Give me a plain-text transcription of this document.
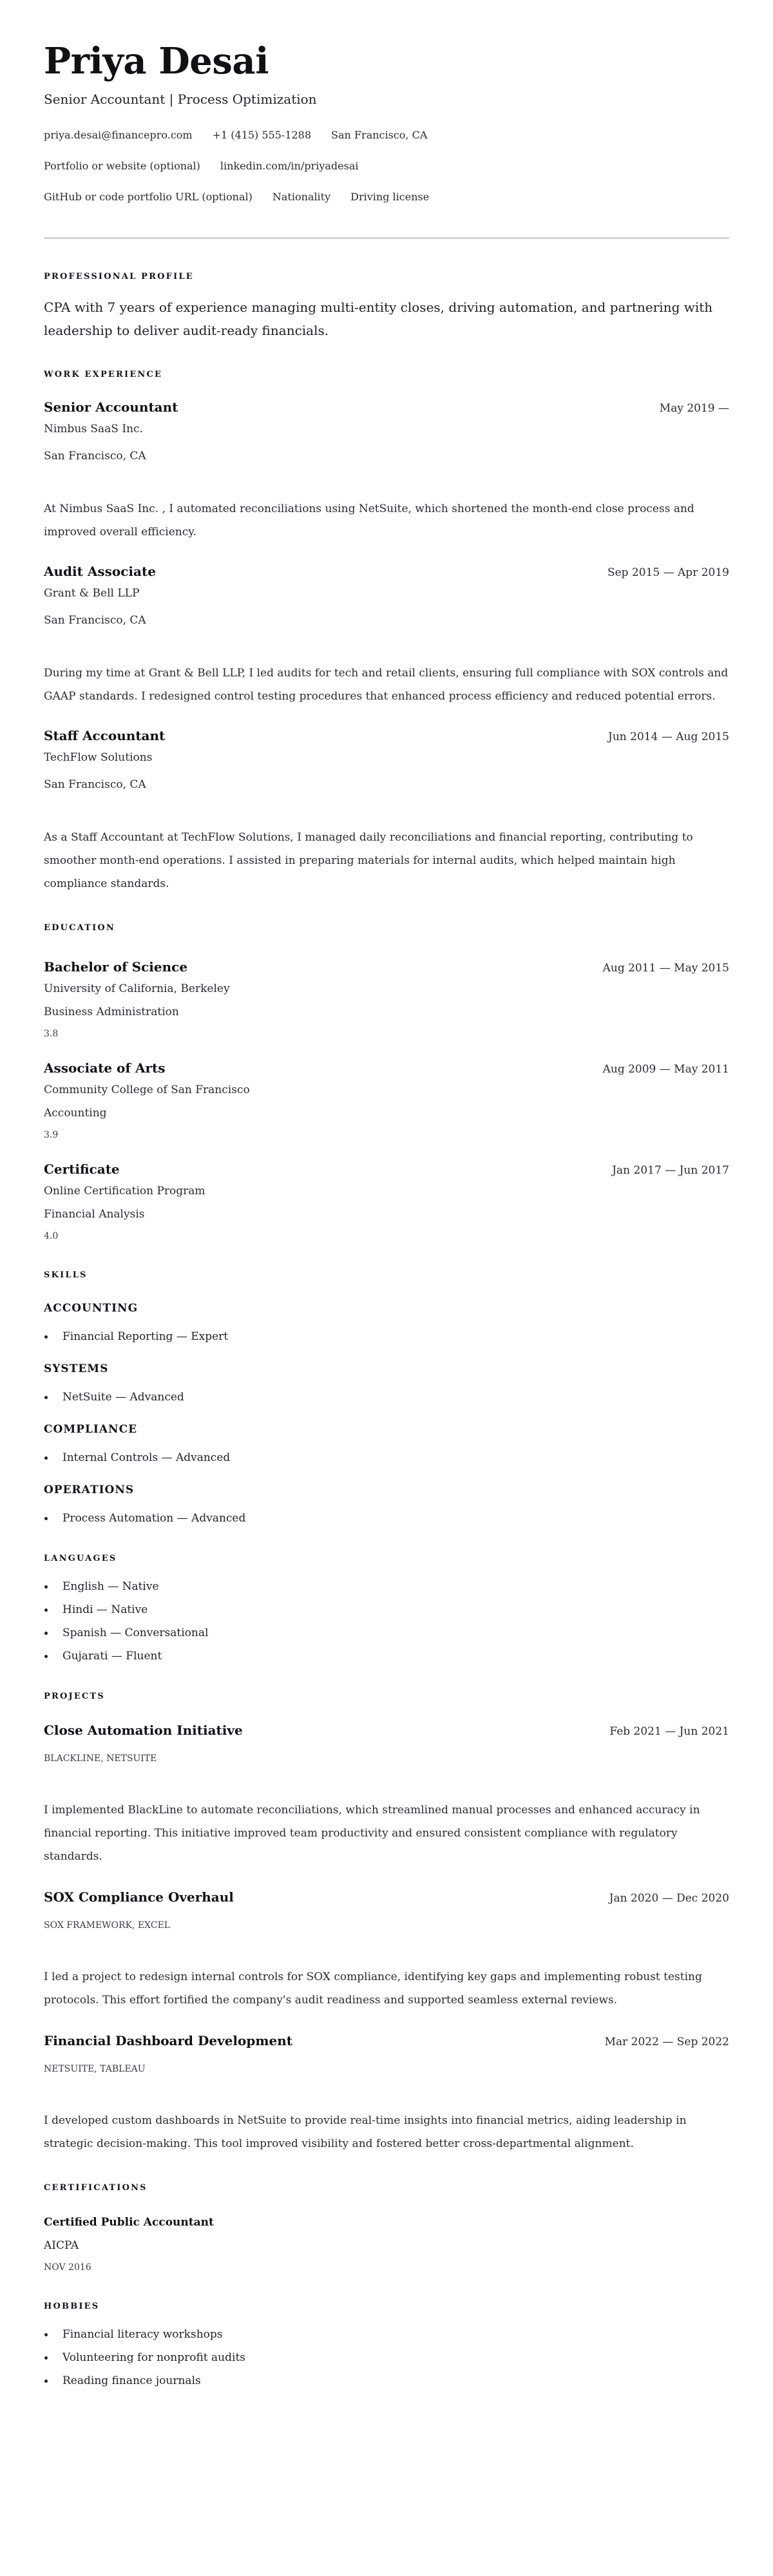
Priya Desai
Senior Accountant | Process Optimization
priya.desai@financepro.com +1 (415) 555-1288 San Francisco, CA
Portfolio or website (optional) linkedin.com/in/priyadesai
GitHub or code portfolio URL (optional) Nationality Driving license
PROFESSIONAL PROFILE

CPA with 7 years of experience managing multi-entity closes, driving automation, and partnering with leadership to deliver audit-ready financials.

WORK EXPERIENCE
Senior Accountant	May 2019 —
Nimbus SaaS Inc.
San Francisco, CA

At Nimbus SaaS Inc. , I automated reconciliations using NetSuite, which shortened the month-end close process and improved overall efficiency.

Audit Associate	Sep 2015 — Apr 2019
Grant & Bell LLP
San Francisco, CA

During my time at Grant & Bell LLP, I led audits for tech and retail clients, ensuring full compliance with SOX controls and GAAP standards. I redesigned control testing procedures that enhanced process efficiency and reduced potential errors.

Staff Accountant	Jun 2014 — Aug 2015
TechFlow Solutions
San Francisco, CA

As a Staff Accountant at TechFlow Solutions, I managed daily reconciliations and financial reporting, contributing to smoother month-end operations. I assisted in preparing materials for internal audits, which helped maintain high compliance standards.

EDUCATION
Bachelor of Science	Aug 2011 — May 2015
University of California, Berkeley
Business Administration
3.8
Associate of Arts	Aug 2009 — May 2011
Community College of San Francisco
Accounting
3.9
Certificate	Jan 2017 — Jun 2017
Online Certification Program
Financial Analysis
4.0
SKILLS
ACCOUNTING
Financial Reporting — Expert
SYSTEMS
NetSuite — Advanced
COMPLIANCE
Internal Controls — Advanced
OPERATIONS
Process Automation — Advanced
LANGUAGES
English — Native
Hindi — Native
Spanish — Conversational
Gujarati — Fluent
PROJECTS
Close Automation Initiative	Feb 2021 — Jun 2021
BLACKLINE, NETSUITE

I implemented BlackLine to automate reconciliations, which streamlined manual processes and enhanced accuracy in financial reporting. This initiative improved team productivity and ensured consistent compliance with regulatory standards.

SOX Compliance Overhaul	Jan 2020 — Dec 2020
SOX FRAMEWORK, EXCEL

I led a project to redesign internal controls for SOX compliance, identifying key gaps and implementing robust testing protocols. This effort fortified the company's audit readiness and supported seamless external reviews.

Financial Dashboard Development	Mar 2022 — Sep 2022
NETSUITE, TABLEAU

I developed custom dashboards in NetSuite to provide real-time insights into financial metrics, aiding leadership in strategic decision-making. This tool improved visibility and fostered better cross-departmental alignment.

CERTIFICATIONS
Certified Public Accountant
AICPA
NOV 2016
HOBBIES
Financial literacy workshops
Volunteering for nonprofit audits
Reading finance journals
